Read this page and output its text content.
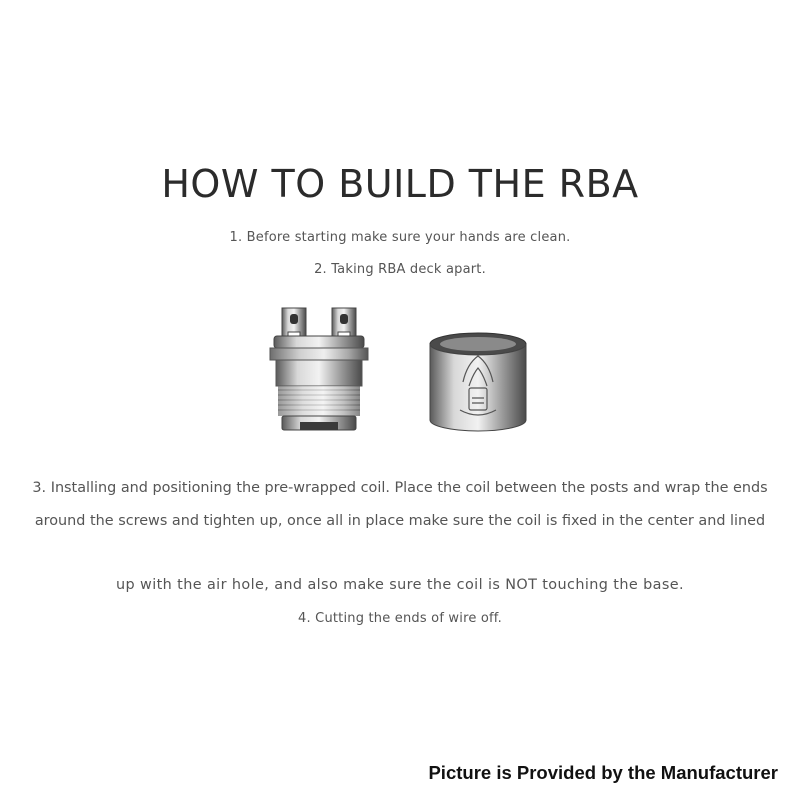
HOW TO BUILD THE RBA
1. Before starting make sure your hands are clean.
2. Taking RBA deck apart.
3. Installing and positioning the pre-wrapped coil. Place the coil between the posts and wrap the ends
around the screws and tighten up, once all in place make sure the coil is fixed in the center and lined
up with the air hole, and also make sure the coil is NOT touching the base.
4. Cutting the ends of wire off.
Picture is Provided by the Manufacturer
